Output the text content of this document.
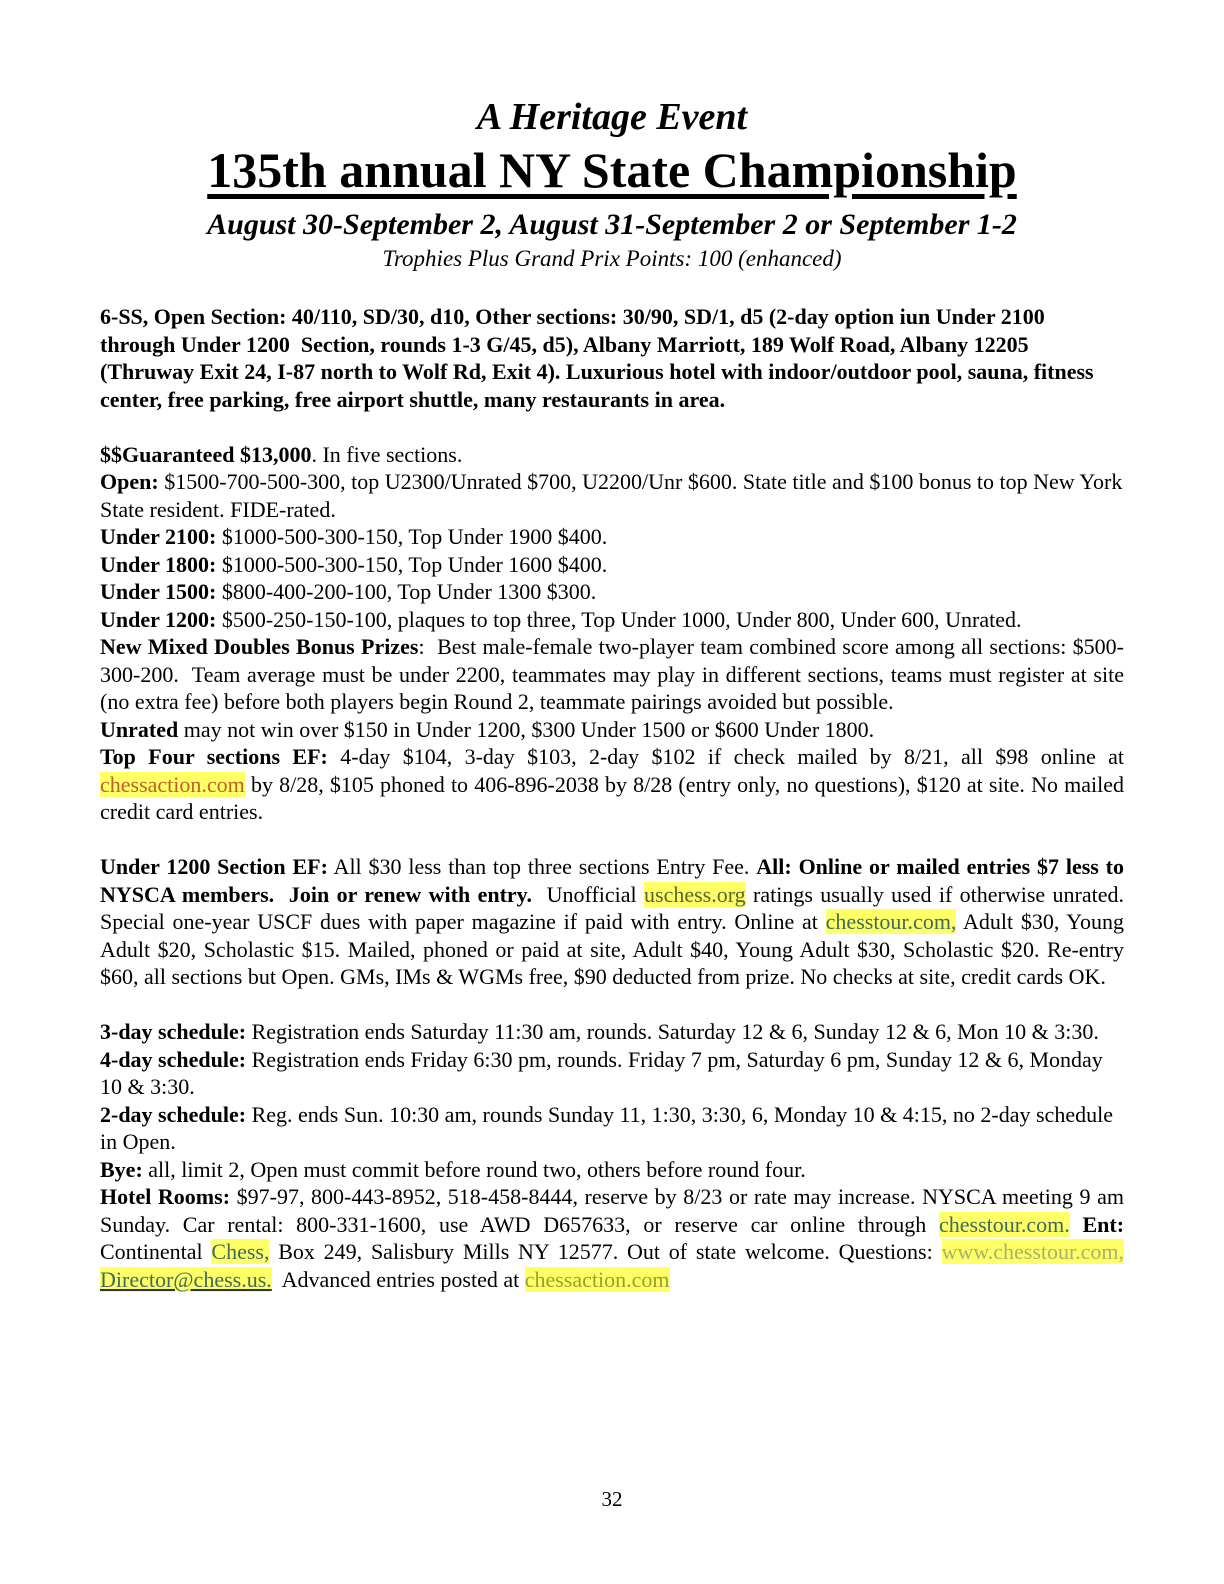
A Heritage Event
135th annual NY State Championship
August 30-September 2, August 31-September 2 or September 1-2
Trophies Plus Grand Prix Points: 100 (enhanced)

6-SS, Open Section: 40/110, SD/30, d10, Other sections: 30/90, SD/1, d5 (2-day option iun Under 2100 through Under 1200  Section, rounds 1-3 G/45, d5), Albany Marriott, 189 Wolf Road, Albany 12205 (Thruway Exit 24, I-87 north to Wolf Rd, Exit 4). Luxurious hotel with indoor/outdoor pool, sauna, fitness center, free parking, free airport shuttle, many restaurants in area.

$$Guaranteed $13,000. In five sections.

Open: $1500-700-500-300, top U2300/Unrated $700, U2200/Unr $600. State title and $100 bonus to top New York State resident. FIDE-rated.

Under 2100: $1000-500-300-150, Top Under 1900 $400.

Under 1800: $1000-500-300-150, Top Under 1600 $400.

Under 1500: $800-400-200-100, Top Under 1300 $300.

Under 1200: $500-250-150-100, plaques to top three, Top Under 1000, Under 800, Under 600, Unrated.

New Mixed Doubles Bonus Prizes:  Best male-female two-player team combined score among all sections: $500-300-200.  Team average must be under 2200, teammates may play in different sections, teams must register at site (no extra fee) before both players begin Round 2, teammate pairings avoided but possible.

Unrated may not win over $150 in Under 1200, $300 Under 1500 or $600 Under 1800.

Top Four sections EF: 4-day $104, 3-day $103, 2-day $102 if check mailed by 8/21, all $98 online at chessaction.com by 8/28, $105 phoned to 406-896-2038 by 8/28 (entry only, no questions), $120 at site. No mailed credit card entries.

Under 1200 Section EF: All $30 less than top three sections Entry Fee. All: Online or mailed entries $7 less to NYSCA members.  Join or renew with entry.  Unofficial uschess.org ratings usually used if otherwise unrated. Special one-year USCF dues with paper magazine if paid with entry. Online at chesstour.com, Adult $30, Young Adult $20, Scholastic $15. Mailed, phoned or paid at site, Adult $40, Young Adult $30, Scholastic $20. Re-entry $60, all sections but Open. GMs, IMs & WGMs free, $90 deducted from prize. No checks at site, credit cards OK.

3-day schedule: Registration ends Saturday 11:30 am, rounds. Saturday 12 & 6, Sunday 12 & 6, Mon 10 & 3:30.

4-day schedule: Registration ends Friday 6:30 pm, rounds. Friday 7 pm, Saturday 6 pm, Sunday 12 & 6, Monday 10 & 3:30.

2-day schedule: Reg. ends Sun. 10:30 am, rounds Sunday 11, 1:30, 3:30, 6, Monday 10 & 4:15, no 2-day schedule in Open.

Bye: all, limit 2, Open must commit before round two, others before round four.

Hotel Rooms: $97-97, 800-443-8952, 518-458-8444, reserve by 8/23 or rate may increase. NYSCA meeting 9 am Sunday. Car rental: 800-331-1600, use AWD D657633, or reserve car online through chesstour.com. Ent: Continental Chess, Box 249, Salisbury Mills NY 12577. Out of state welcome. Questions: www.chesstour.com, Director@chess.us.  Advanced entries posted at chessaction.com

32
